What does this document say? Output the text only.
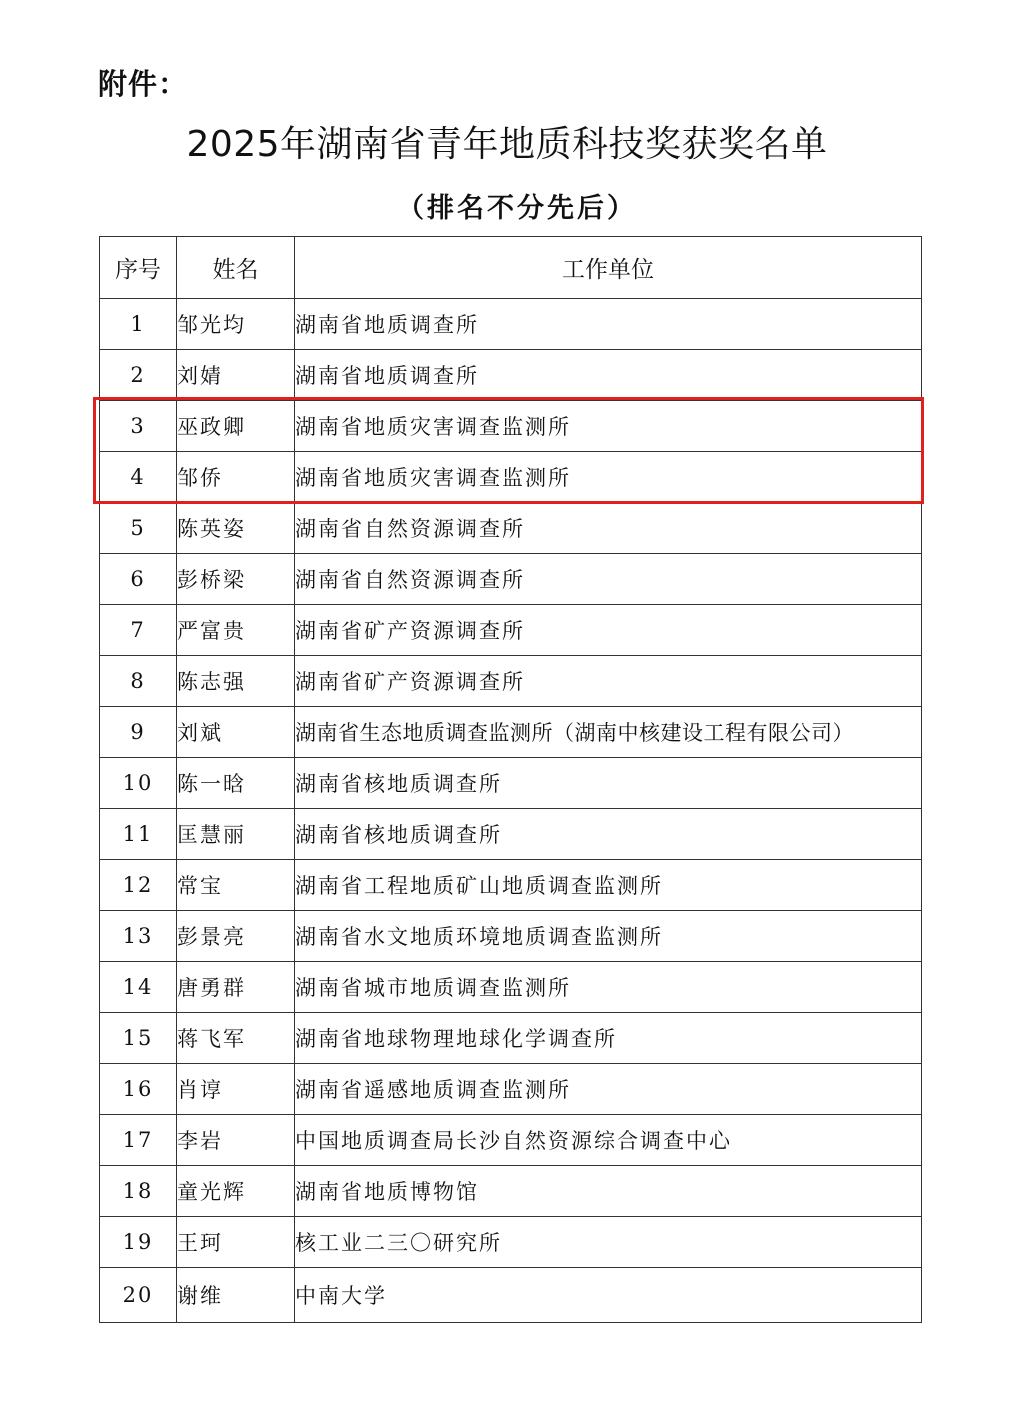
附件：
2025年湖南省青年地质科技奖获奖名单
（排名不分先后）
序号	姓名	工作单位
1	邹光均	湖南省地质调查所
2	刘婧	湖南省地质调查所
3	巫政卿	湖南省地质灾害调查监测所
4	邹侨	湖南省地质灾害调查监测所
5	陈英姿	湖南省自然资源调查所
6	彭桥梁	湖南省自然资源调查所
7	严富贵	湖南省矿产资源调查所
8	陈志强	湖南省矿产资源调查所
9	刘斌	湖南省生态地质调查监测所（湖南中核建设工程有限公司）
10	陈一晗	湖南省核地质调查所
11	匡慧丽	湖南省核地质调查所
12	常宝	湖南省工程地质矿山地质调查监测所
13	彭景亮	湖南省水文地质环境地质调查监测所
14	唐勇群	湖南省城市地质调查监测所
15	蒋飞军	湖南省地球物理地球化学调查所
16	肖谆	湖南省遥感地质调查监测所
17	李岩	中国地质调查局长沙自然资源综合调查中心
18	童光辉	湖南省地质博物馆
19	王珂	核工业二三〇研究所
20	谢维	中南大学
